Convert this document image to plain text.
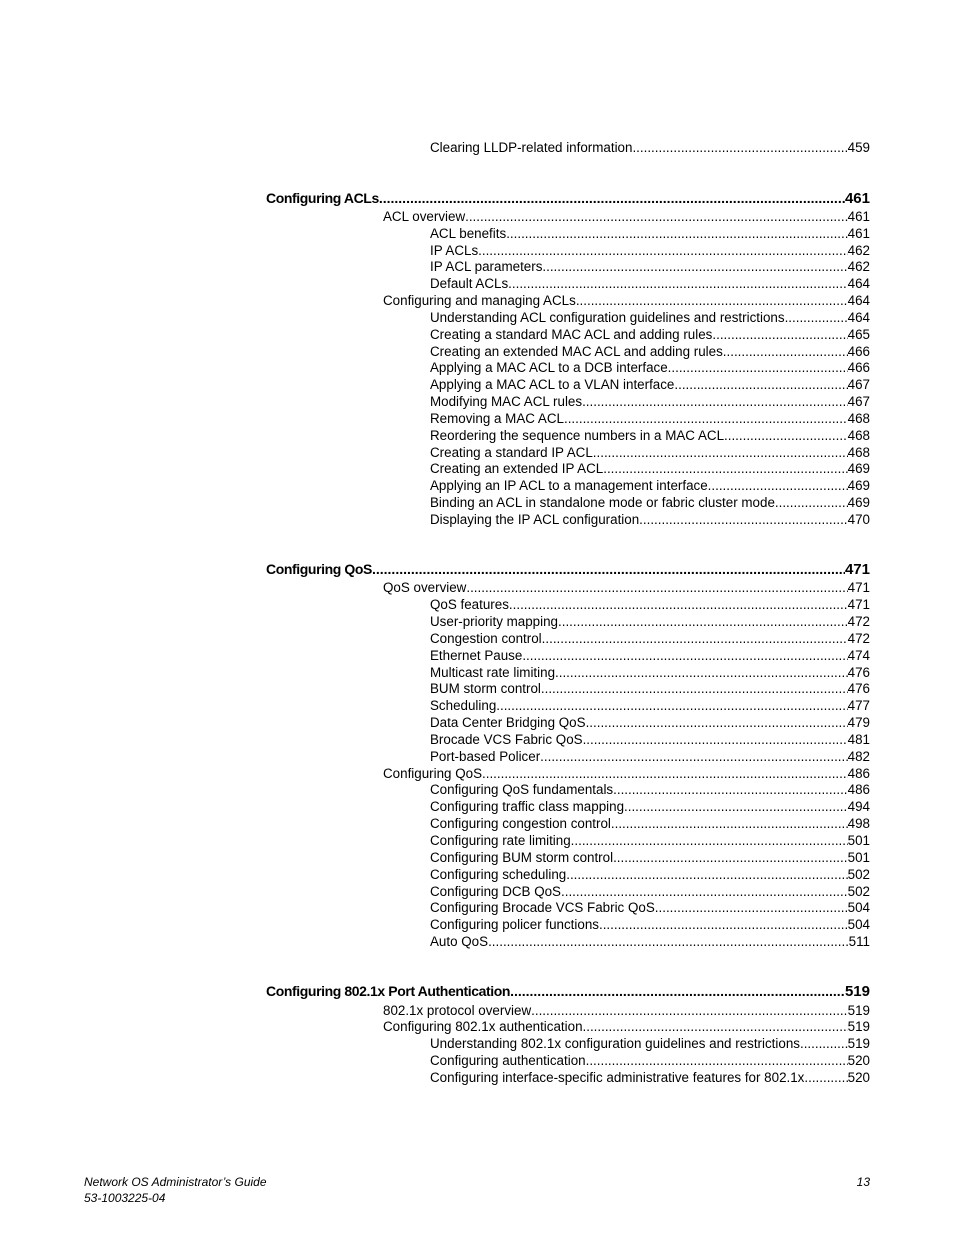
Clearing LLDP-related information .....	459
Configuring ACLs .....	461
ACL overview .....	461
ACL benefits .....	461
IP ACLs .....	462
IP ACL parameters .....	462
Default ACLs .....	464
Configuring and managing ACLs .....	464
Understanding ACL configuration guidelines and restrictions .....	464
Creating a standard MAC ACL and adding rules .....	465
Creating an extended MAC ACL and adding rules .....	466
Applying a MAC ACL to a DCB interface .....	466
Applying a MAC ACL to a VLAN interface .....	467
Modifying MAC ACL rules .....	467
Removing a MAC ACL .....	468
Reordering the sequence numbers in a MAC ACL .....	468
Creating a standard IP ACL .....	468
Creating an extended IP ACL .....	469
Applying an IP ACL to a management interface .....	469
Binding an ACL in standalone mode or fabric cluster mode .....	469
Displaying the IP ACL configuration .....	470
Configuring QoS .....	471
QoS overview .....	471
QoS features .....	471
User-priority mapping .....	472
Congestion control .....	472
Ethernet Pause .....	474
Multicast rate limiting .....	476
BUM storm control .....	476
Scheduling .....	477
Data Center Bridging QoS .....	479
Brocade VCS Fabric QoS .....	481
Port-based Policer .....	482
Configuring QoS .....	486
Configuring QoS fundamentals .....	486
Configuring traffic class mapping .....	494
Configuring congestion control .....	498
Configuring rate limiting .....	501
Configuring BUM storm control .....	501
Configuring scheduling .....	502
Configuring DCB QoS .....	502
Configuring Brocade VCS Fabric QoS .....	504
Configuring policer functions .....	504
Auto QoS .....	511
Configuring 802.1x Port Authentication .....	519
802.1x protocol overview .....	519
Configuring 802.1x authentication .....	519
Understanding 802.1x configuration guidelines and restrictions .....	519
Configuring authentication .....	520
Configuring interface-specific administrative features for 802.1x .....	520
Network OS Administrator’s Guide
53-1003225-04
13
